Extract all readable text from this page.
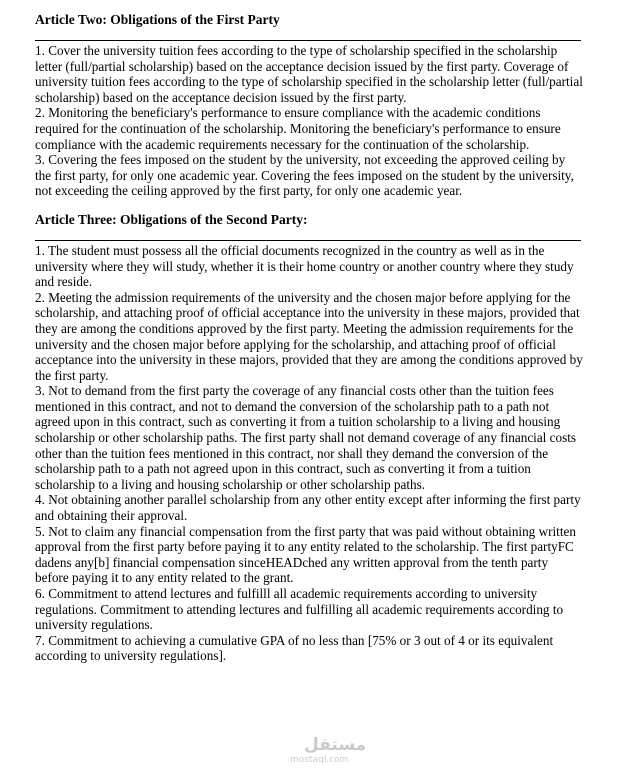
Article Two: Obligations of the First Party

1. Cover the university tuition fees according to the type of scholarship specified in the scholarship letter (full/partial scholarship) based on the acceptance decision issued by the first party. Coverage of university tuition fees according to the type of scholarship specified in the scholarship letter (full/partial scholarship) based on the acceptance decision issued by the first party.

2. Monitoring the beneficiary's performance to ensure compliance with the academic conditions required for the continuation of the scholarship. Monitoring the beneficiary's performance to ensure compliance with the academic requirements necessary for the continuation of the scholarship.

3. Covering the fees imposed on the student by the university, not exceeding the approved ceiling by the first party, for only one academic year. Covering the fees imposed on the student by the university, not exceeding the ceiling approved by the first party, for only one academic year.

Article Three: Obligations of the Second Party:

1. The student must possess all the official documents recognized in the country as well as in the university where they will study, whether it is their home country or another country where they study and reside.

2. Meeting the admission requirements of the university and the chosen major before applying for the scholarship, and attaching proof of official acceptance into the university in these majors, provided that they are among the conditions approved by the first party. Meeting the admission requirements for the university and the chosen major before applying for the scholarship, and attaching proof of official acceptance into the university in these majors, provided that they are among the conditions approved by the first party.

3. Not to demand from the first party the coverage of any financial costs other than the tuition fees mentioned in this contract, and not to demand the conversion of the scholarship path to a path not agreed upon in this contract, such as converting it from a tuition scholarship to a living and housing scholarship or other scholarship paths. The first party shall not demand coverage of any financial costs other than the tuition fees mentioned in this contract, nor shall they demand the conversion of the scholarship path to a path not agreed upon in this contract, such as converting it from a tuition scholarship to a living and housing scholarship or other scholarship paths.

4. Not obtaining another parallel scholarship from any other entity except after informing the first party and obtaining their approval.

5. Not to claim any financial compensation from the first party that was paid without obtaining written approval from the first party before paying it to any entity related to the scholarship. The first partyFC dadens any[b] financial compensation sinceHEADched any written approval from the tenth party before paying it to any entity related to the grant.

6. Commitment to attend lectures and fulfilll all academic requirements according to university regulations. Commitment to attending lectures and fulfilling all academic requirements according to university regulations.

7. Commitment to achieving a cumulative GPA of no less than [75% or 3 out of 4 or its equivalent according to university regulations].

مستقل
mostaql.com
